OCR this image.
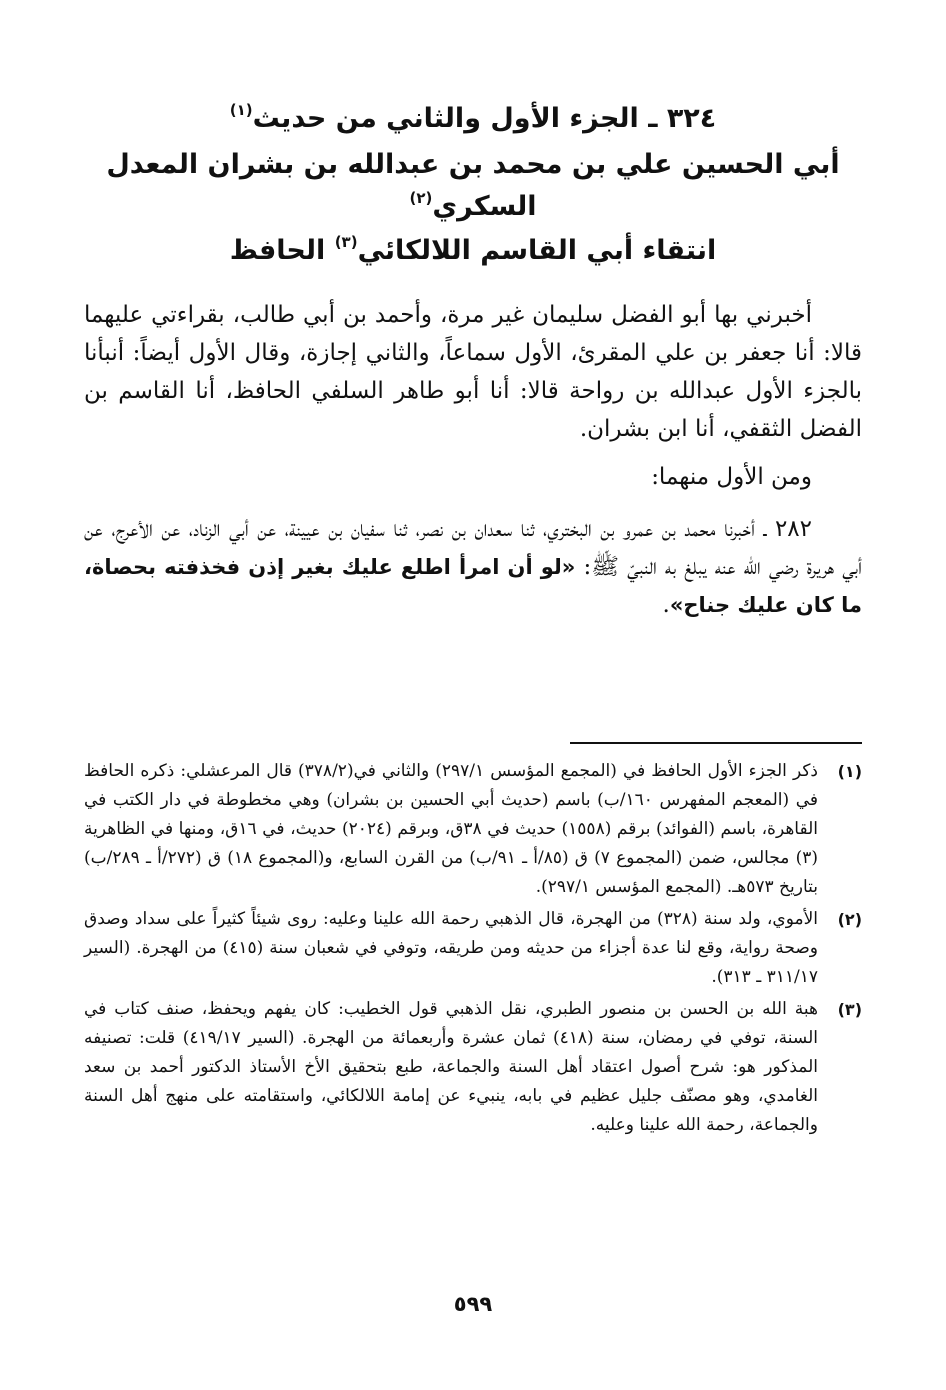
٣٢٤ ـ الجزء الأول والثاني من حديث$^{(١)}$

أبي الحسين علي بن محمد بن عبدالله بن بشران المعدل

السكري$^{(٢)}$

انتقاء أبي القاسم اللالكائي$^{(٣)}$ الحافظ

أخبرني بها أبو الفضل سليمان غير مرة، وأحمد بن أبي طالب، بقراءتي عليهما قالا: أنا جعفر بن علي المقرئ، الأول سماعاً، والثاني إجازة، وقال الأول أيضاً: أنبأنا بالجزء الأول عبدالله بن رواحة قالا: أنا أبو طاهر السلفي الحافظ، أنا القاسم بن الفضل الثقفي، أنا ابن بشران.

ومن الأول منهما:

٢٨٢ ـ أخبرنا محمد بن عمرو بن البختري، ثنا سعدان بن نصر، ثنا سفيان بن عيينة، عن أبي الزناد، عن الأعرج، عن أبي هريرة رضي الله عنه يبلغ به النبيّ ﷺ: «لو أن امرأ اطلع عليك بغير إذن فخذفته بحصاة، ما كان عليك جناح».

(١)
ذكر الجزء الأول الحافظ في (المجمع المؤسس ٢٩٧/١) والثاني في(٣٧٨/٢) قال المرعشلي: ذكره الحافظ في (المعجم المفهرس ١٦٠/ب) باسم (حديث أبي الحسين بن بشران) وهي مخطوطة في دار الكتب في القاهرة، باسم (الفوائد) برقم (١٥٥٨) حديث في ٣٨ق، وبرقم (٢٠٢٤) حديث، في ١٦ق، ومنها في الظاهرية (٣) مجالس، ضمن (المجموع ٧) ق (٨٥/أ ـ ٩١/ب) من القرن السابع، و(المجموع ١٨) ق (٢٧٢/أ ـ ٢٨٩/ب) بتاريخ ٥٧٣هـ. (المجمع المؤسس ٢٩٧/١).
(٢)
الأموي، ولد سنة (٣٢٨) من الهجرة، قال الذهبي رحمة الله علينا وعليه: روى شيئاً كثيراً على سداد وصدق وصحة رواية، وقع لنا عدة أجزاء من حديثه ومن طريقه، وتوفي في شعبان سنة (٤١٥) من الهجرة. (السير ٣١١/١٧ ـ ٣١٣).
(٣)
هبة الله بن الحسن بن منصور الطبري، نقل الذهبي قول الخطيب: كان يفهم ويحفظ، صنف كتاب في السنة، توفي في رمضان، سنة (٤١٨) ثمان عشرة وأربعمائة من الهجرة. (السير ٤١٩/١٧) قلت: تصنيفه المذكور هو: شرح أصول اعتقاد أهل السنة والجماعة، طبع بتحقيق الأخ الأستاذ الدكتور أحمد بن سعد الغامدي، وهو مصنّف جليل عظيم في بابه، ينبيء عن إمامة اللالكائي، واستقامته على منهج أهل السنة والجماعة، رحمة الله علينا وعليه.
٥٩٩
